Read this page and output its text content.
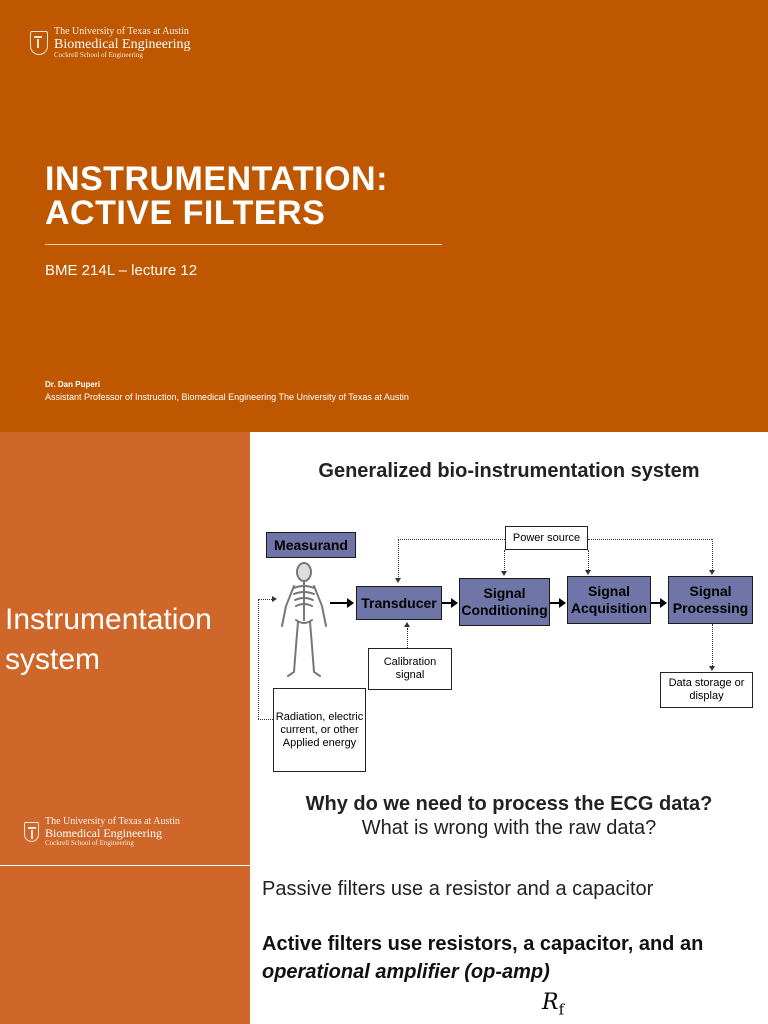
The University of Texas at Austin
Biomedical Engineering
Cockrell School of Engineering
INSTRUMENTATION:
ACTIVE FILTERS
BME 214L – lecture 12
Dr. Dan Puperi
Assistant Professor of Instruction, Biomedical Engineering The University of Texas at Austin
Instrumentation system
The University of Texas at Austin
Biomedical Engineering
Cockrell School of Engineering
Generalized bio-instrumentation system
Measurand
Transducer
Signal Conditioning
Signal Acquisition
Signal Processing
Power source
Calibration signal
Data storage or display
Radiation, electric current, or other Applied energy
Why do we need to process the ECG data?
What is wrong with the raw data?
Passive filters use a resistor and a capacitor
Active filters use resistors, a capacitor, and an operational amplifier (op-amp)
$R_f$
